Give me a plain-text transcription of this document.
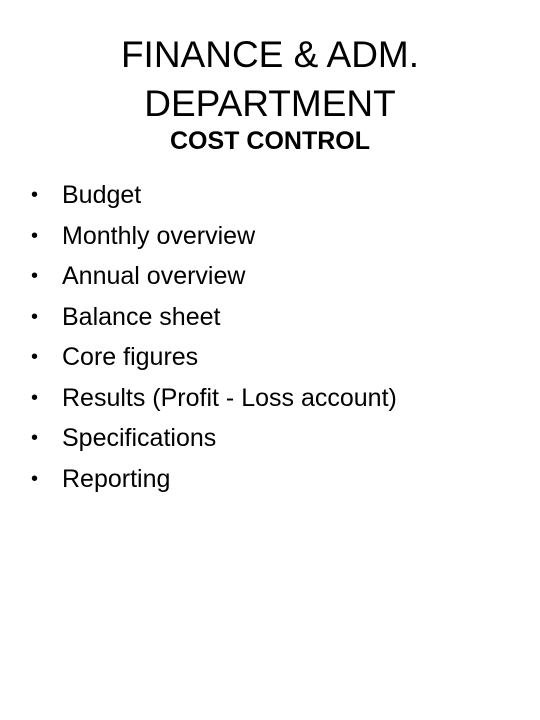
FINANCE & ADM.
DEPARTMENT
COST CONTROL
• Budget
• Monthly overview
• Annual overview
• Balance sheet
• Core figures
• Results (Profit - Loss account)
• Specifications
• Reporting
